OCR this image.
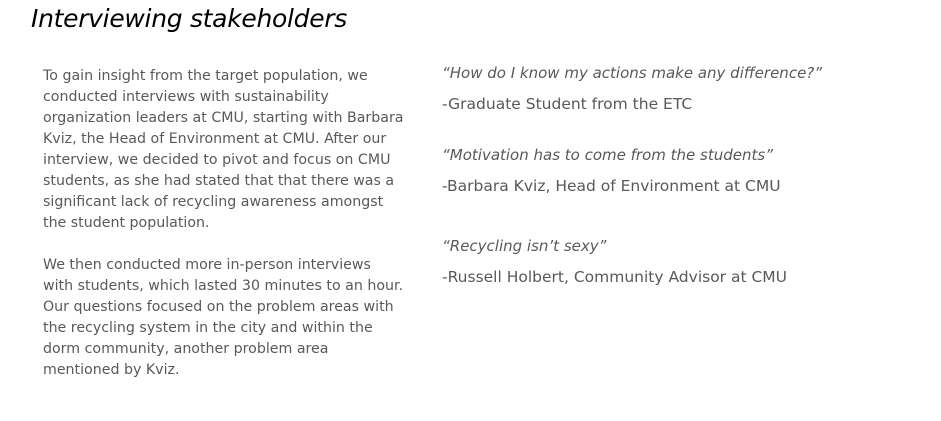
Interviewing stakeholders

To gain insight from the target population, we conducted interviews with sustainability organization leaders at CMU, starting with Barbara Kviz, the Head of Environment at CMU. After our interview, we decided to pivot and focus on CMU students, as she had stated that that there was a significant lack of recycling awareness amongst the student population.

We then conducted more in-person interviews with students, which lasted 30 minutes to an hour. Our questions focused on the problem areas with the recycling system in the city and within the dorm community, another problem area mentioned by Kviz.

“How do I know my actions make any difference?”

-Graduate Student from the ETC

“Motivation has to come from the students”

-Barbara Kviz, Head of Environment at CMU

“Recycling isn’t sexy”

-Russell Holbert, Community Advisor at CMU
